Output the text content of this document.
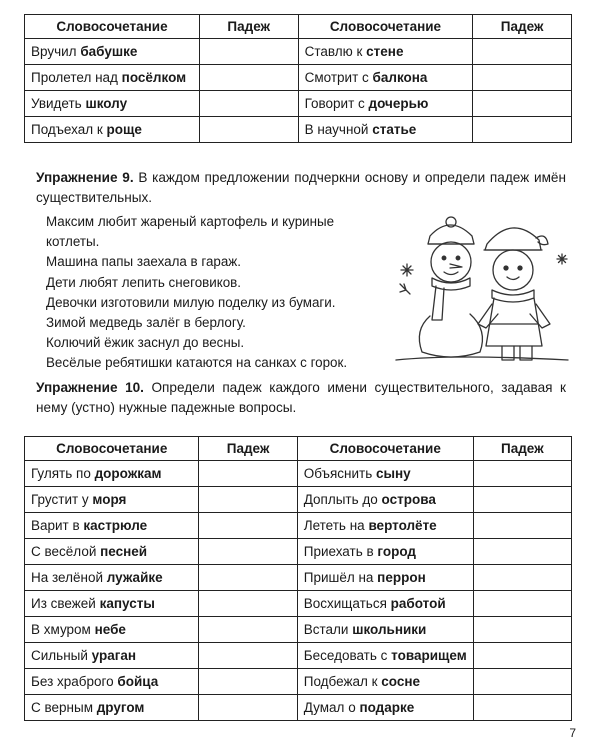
Словосочетание	Падеж	Словосочетание	Падеж
Вручил бабушке		Ставлю к стене	
Пролетел над посёлком		Смотрит с балкона	
Увидеть школу		Говорит с дочерью	
Подъехал к роще		В научной статье	
Упражнение 9. В каждом предложении подчеркни основу и определи падеж имён существительных.
Максим любит жареный картофель и куриные
котлеты.
Машина папы заехала в гараж.
Дети любят лепить снеговиков.
Девочки изготовили милую поделку из бумаги.
Зимой медведь залёг в берлогу.
Колючий ёжик заснул до весны.
Весёлые ребятишки катаются на санках с горок.
Упражнение 10. Определи падеж каждого имени существительного, задавая к нему (устно) нужные падежные вопросы.
Словосочетание	Падеж	Словосочетание	Падеж
Гулять по дорожкам		Объяснить сыну	
Грустит у моря		Доплыть до острова	
Варит в кастрюле		Лететь на вертолёте	
С весёлой песней		Приехать в город	
На зелёной лужайке		Пришёл на перрон	
Из свежей капусты		Восхищаться работой	
В хмуром небе		Встали школьники	
Сильный ураган		Беседовать с товарищем	
Без храброго бойца		Подбежал к сосне	
С верным другом		Думал о подарке	
7
